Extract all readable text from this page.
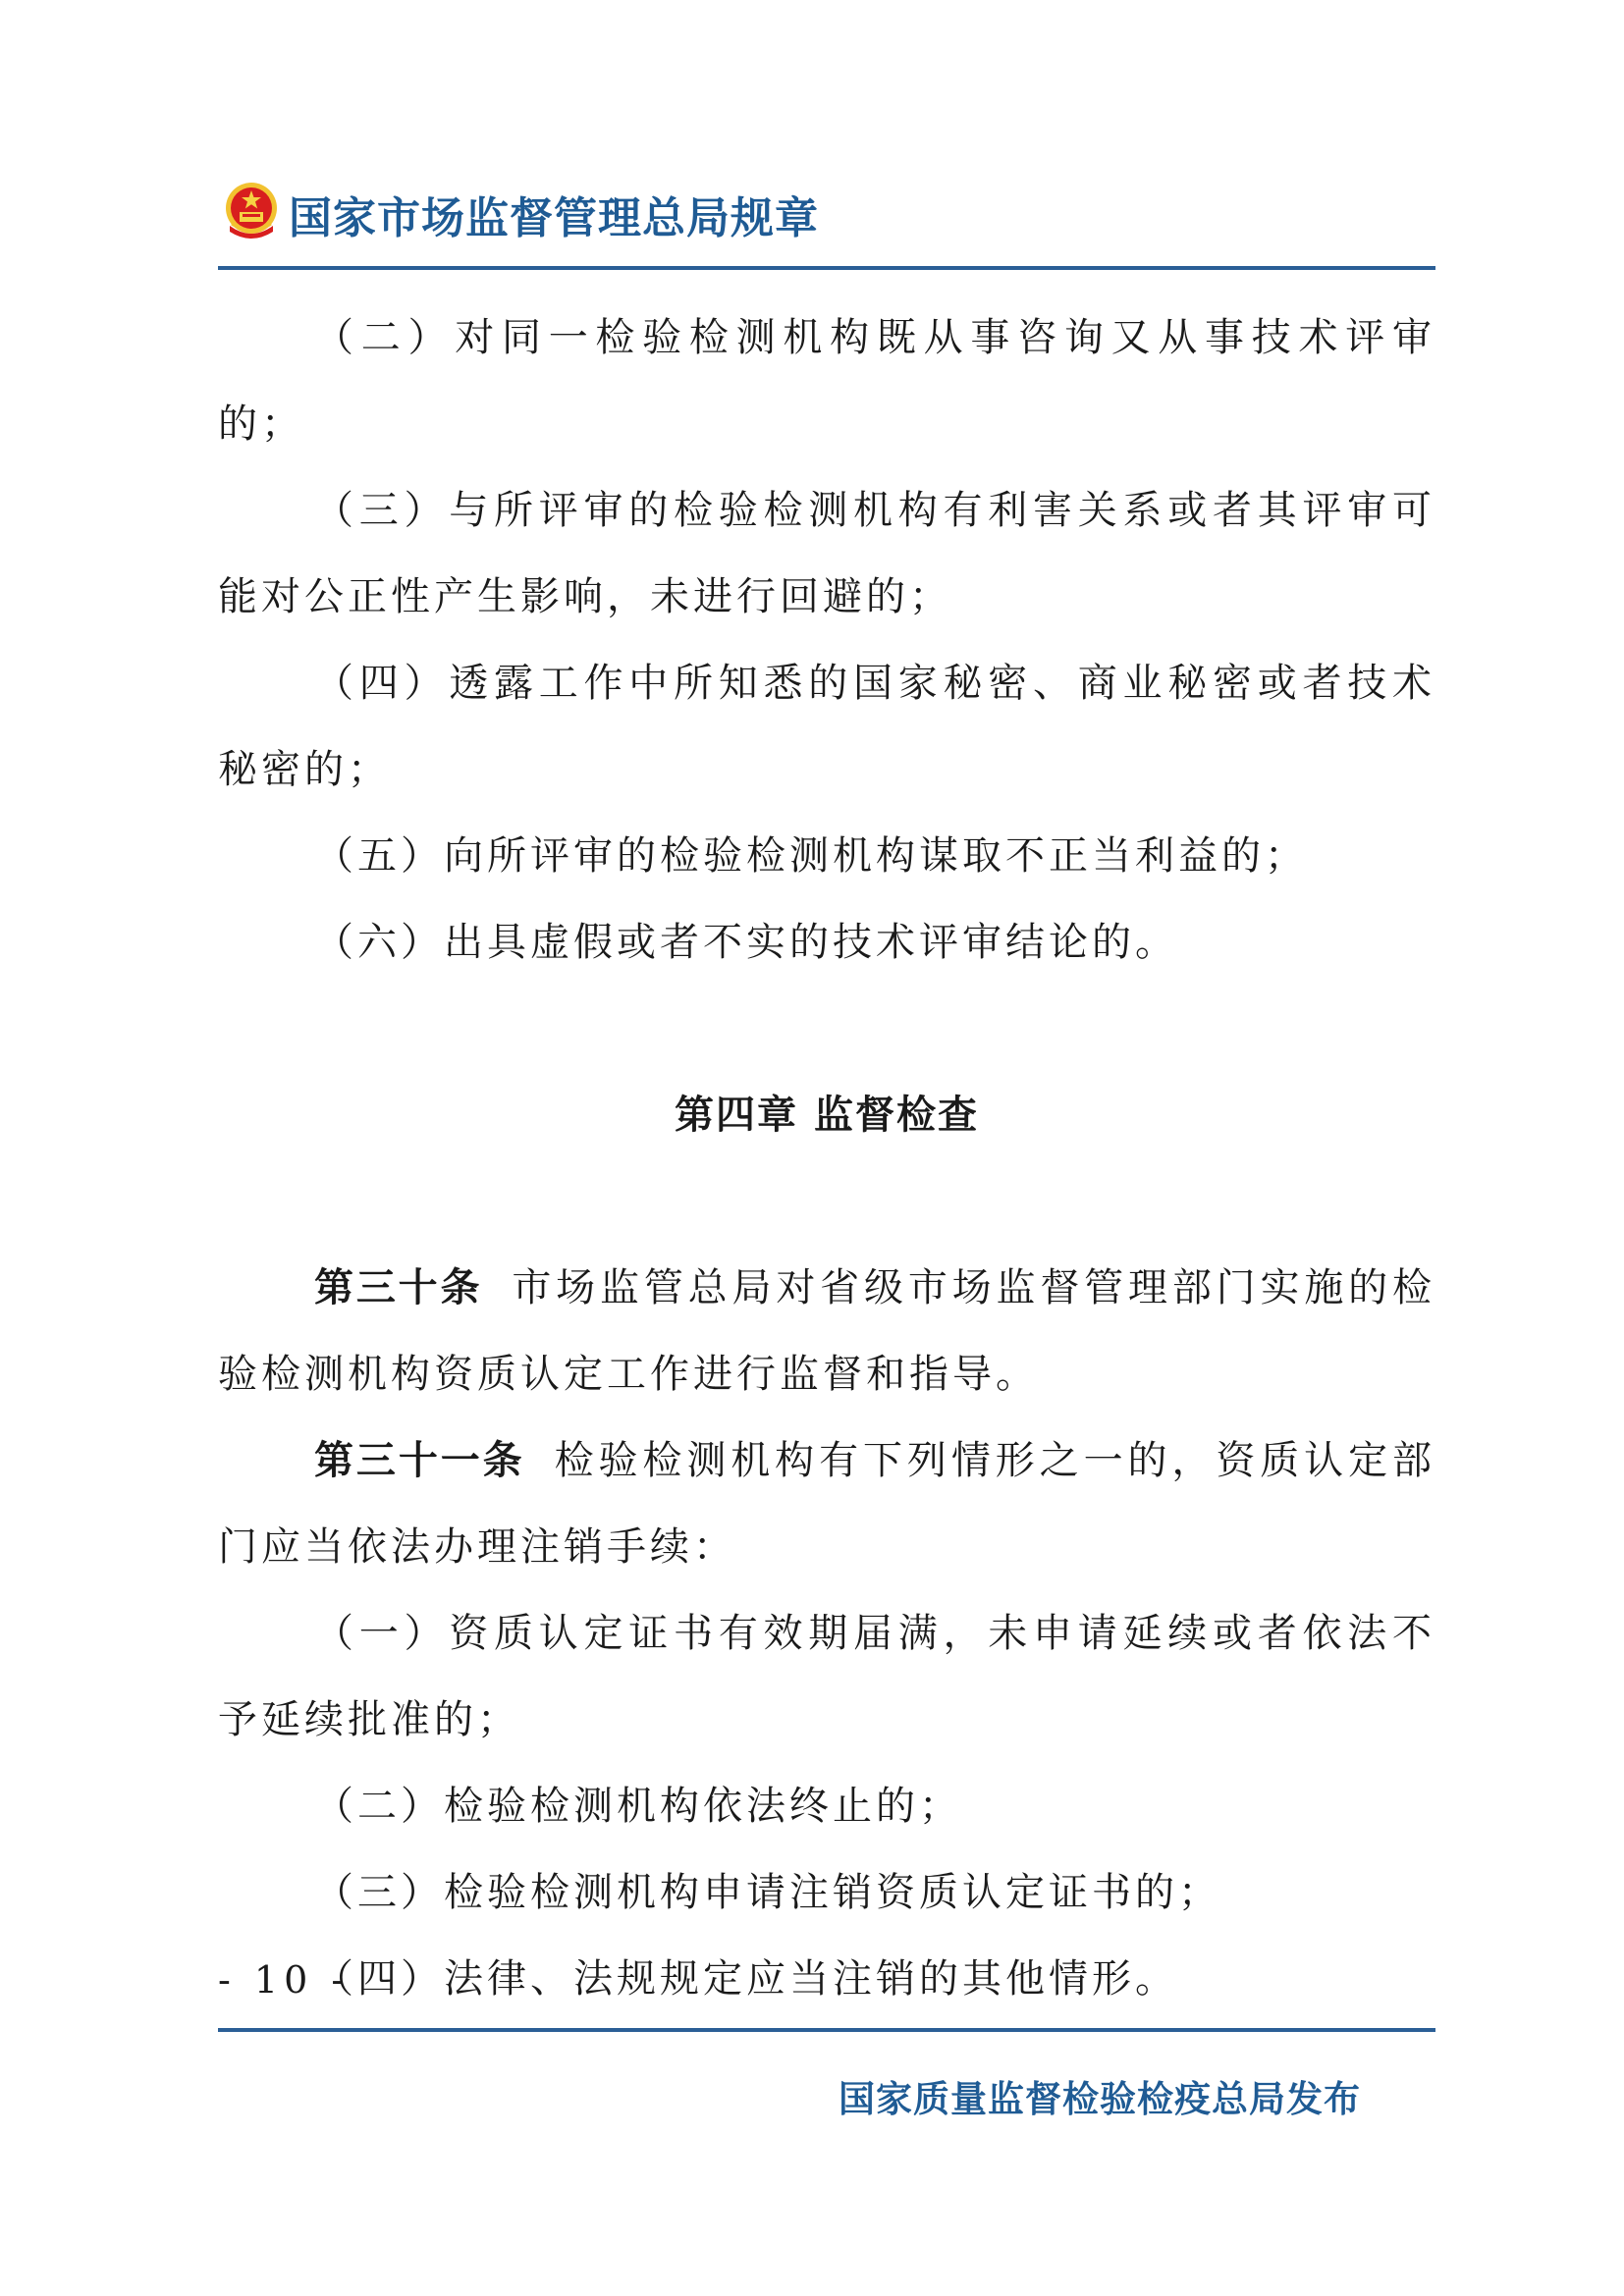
国家市场监督管理总局规章

（二）对同一检验检测机构既从事咨询又从事技术评审的；

（三）与所评审的检验检测机构有利害关系或者其评审可能对公正性产生影响，未进行回避的；

（四）透露工作中所知悉的国家秘密、商业秘密或者技术秘密的；

（五）向所评审的检验检测机构谋取不正当利益的；

（六）出具虚假或者不实的技术评审结论的。

第四章 监督检查

第三十条 市场监管总局对省级市场监督管理部门实施的检验检测机构资质认定工作进行监督和指导。

第三十一条 检验检测机构有下列情形之一的，资质认定部门应当依法办理注销手续：

（一）资质认定证书有效期届满，未申请延续或者依法不予延续批准的；

（二）检验检测机构依法终止的；

（三）检验检测机构申请注销资质认定证书的；

（四）法律、法规规定应当注销的其他情形。

- 10 -
国家质量监督检验检疫总局发布
